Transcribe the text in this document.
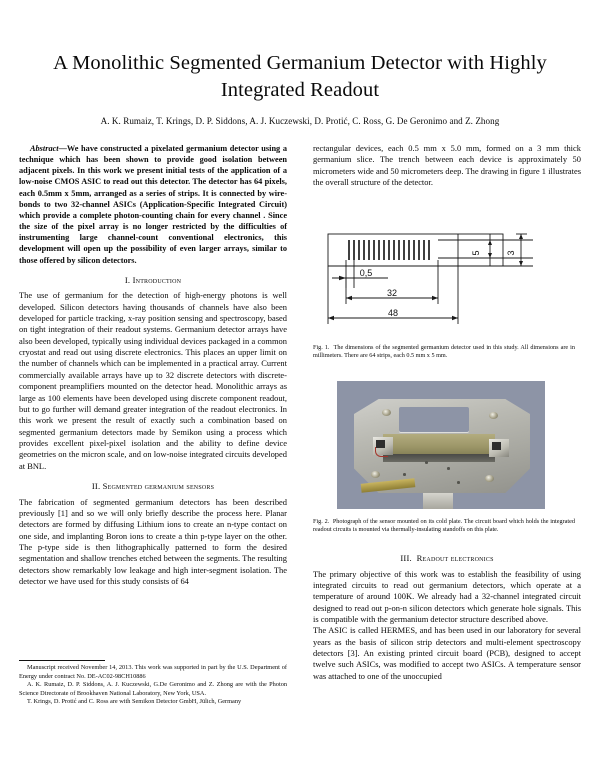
A Monolithic Segmented Germanium Detector with Highly Integrated Readout
A. K. Rumaiz, T. Krings, D. P. Siddons, A. J. Kuczewski, D. Protić, C. Ross, G. De Geronimo and Z. Zhong
Abstract—We have constructed a pixelated germanium detector using a technique which has been shown to provide good isolation between adjacent pixels. In this work we present initial tests of the application of a low-noise CMOS ASIC to read out this detector. The detector has 64 pixels, each 0.5mm x 5mm, arranged as a series of strips. It is connected by wire-bonds to two 32-channel ASICs (Application-Specific Integrated Circuit) which provide a complete photon-counting chain for every channel . Since the size of the pixel array is no longer restricted by the difficulties of instrumenting large channel-count conventional electronics, this development will open up the possibility of even larger arrays, similar to those offered by silicon detectors.
I. Introduction

The use of germanium for the detection of high-energy photons is well developed. Silicon detectors having thousands of channels have also been developed for particle tracking, x-ray position sensing and spectroscopy, based on tight integration of their readout systems. Germanium detector arrays have also been developed, typically using individual devices packaged in a common cryostat and read out using discrete electronics. This places an upper limit on the number of channels which can be implemented in a practical array. Current commercially available arrays have up to 32 discrete detectors with discrete-component preamplifiers mounted on the detector head. Monolithic arrays as large as 100 elements have been developed using discrete component readout, but to go further will demand greater integration of the readout electronics. In this work we present the result of exactly such a combination based on segmented germanium detectors made by Semikon using a process which provides excellent pixel-pixel isolation and the ability to define device geometries on the micron scale, and on low-noise integrated circuits developed at BNL.

II. Segmented germanium sensors

The fabrication of segmented germanium detectors has been described previously [1] and so we will only briefly describe the process here. Planar detectors are formed by diffusing Lithium ions to create an n-type contact on one side, and implanting Boron ions to create a thin p-type layer on the other. The p-type side is then lithographically patterned to form the desired segmentation and shallow trenches etched between the segments. The resulting detectors show remarkably low leakage and high inter-segment isolation. The detector we have used for this study consists of 64

Manuscript received November 14, 2013. This work was supported in part by the U.S. Department of Energy under contract No. DE-AC02-98CH10886

A. K. Rumaiz, D. P. Siddons, A. J. Kuczewski, G.De Geronimo and Z. Zhong are with the Photon Science Directorate of Brookhaven National Laboratory, New York, USA.

T. Krings, D. Protić and C. Ross are with Semikon Detector GmbH, Jülich, Germany

rectangular devices, each 0.5 mm x 5.0 mm, formed on a 3 mm thick germanium slice. The trench between each device is approximately 50 micrometers wide and 50 micrometers deep. The drawing in figure 1 illustrates the overall structure of the detector.

0,5
32
48
5	3
Fig. 1. The dimensions of the segmented germanium detector used in this study. All dimensions are in millimeters. There are 64 strips, each 0.5 mm x 5 mm.
Fig. 2. Photograph of the sensor mounted on its cold plate. The circuit board which holds the integrated readout circuits is mounted via thermally-insulating standoffs on this plate.
III. Readout electronics

The primary objective of this work was to establish the feasibility of using integrated circuits to read out germanium detectors, which operate at a temperature of around 100K. We already had a 32-channel integrated circuit designed to read out p-on-n silicon detectors which generate hole signals. This is compatible with the germanium detector structure described above.

The ASIC is called HERMES, and has been used in our laboratory for several years as the basis of silicon strip detectors and multi-element spectroscopy detectors [3]. An existing printed circuit board (PCB), designed to accept twelve such ASICs, was modified to accept two ASICs. A temperature sensor was attached to one of the unoccupied
